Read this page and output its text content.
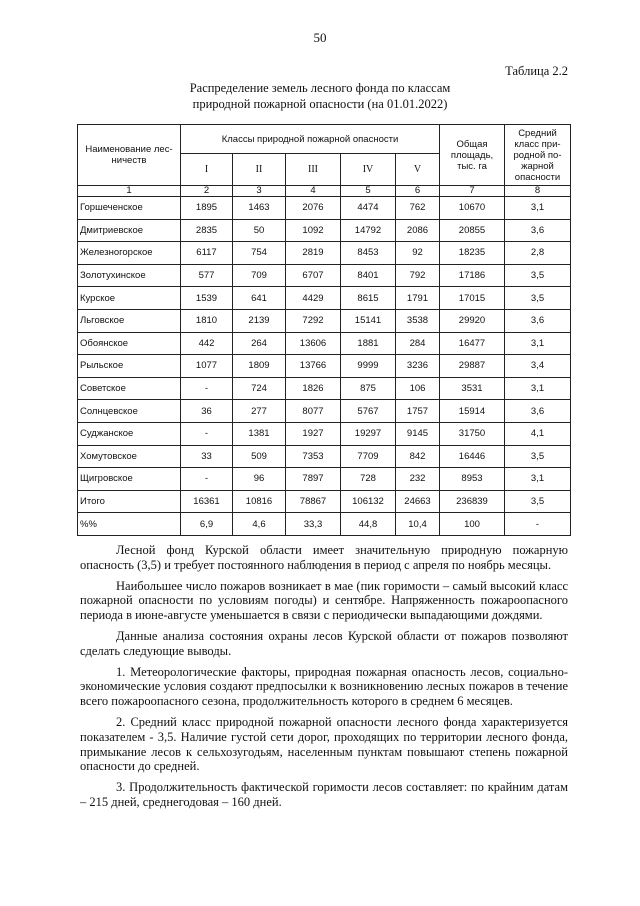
50
Таблица 2.2
Распределение земель лесного фонда по классам
природной пожарной опасности (на 01.01.2022)
Наименование лес-ничеств	Классы природной пожарной опасности					Общая площадь, тыс. га	Средний класс при-родной по-жарной опасности
	I	II	III	IV	V		
1	2	3	4	5	6	7	8
Горшеченское	1895	1463	2076	4474	762	10670	3,1
Дмитриевское	2835	50	1092	14792	2086	20855	3,6
Железногорское	6117	754	2819	8453	92	18235	2,8
Золотухинское	577	709	6707	8401	792	17186	3,5
Курское	1539	641	4429	8615	1791	17015	3,5
Льговское	1810	2139	7292	15141	3538	29920	3,6
Обоянское	442	264	13606	1881	284	16477	3,1
Рыльское	1077	1809	13766	9999	3236	29887	3,4
Советское	-	724	1826	875	106	3531	3,1
Солнцевское	36	277	8077	5767	1757	15914	3,6
Суджанское	-	1381	1927	19297	9145	31750	4,1
Хомутовское	33	509	7353	7709	842	16446	3,5
Щигровское	-	96	7897	728	232	8953	3,1
Итого	16361	10816	78867	106132	24663	236839	3,5
%%	6,9	4,6	33,3	44,8	10,4	100	-

Лесной фонд Курской области имеет значительную природную пожарную опасность (3,5) и требует постоянного наблюдения в период с апреля по ноябрь месяцы.

Наибольшее число пожаров возникает в мае (пик горимости – самый высокий класс пожарной опасности по условиям погоды) и сентябре. Напряженность пожароопасного периода в июне-августе уменьшается в связи с периодически выпадающими дождями.

Данные анализа состояния охраны лесов Курской области от пожаров позволяют сделать следующие выводы.

1. Метеорологические факторы, природная пожарная опасность лесов, социально-экономические условия создают предпосылки к возникновению лесных пожаров в течение всего пожароопасного сезона, продолжительность которого в среднем 6 месяцев.

2. Средний класс природной пожарной опасности лесного фонда характеризуется показателем - 3,5. Наличие густой сети дорог, проходящих по территории лесного фонда, примыкание лесов к сельхозугодьям, населенным пунктам повышают степень пожарной опасности до средней.

3. Продолжительность фактической горимости лесов составляет: по крайним датам – 215 дней, среднегодовая – 160 дней.
